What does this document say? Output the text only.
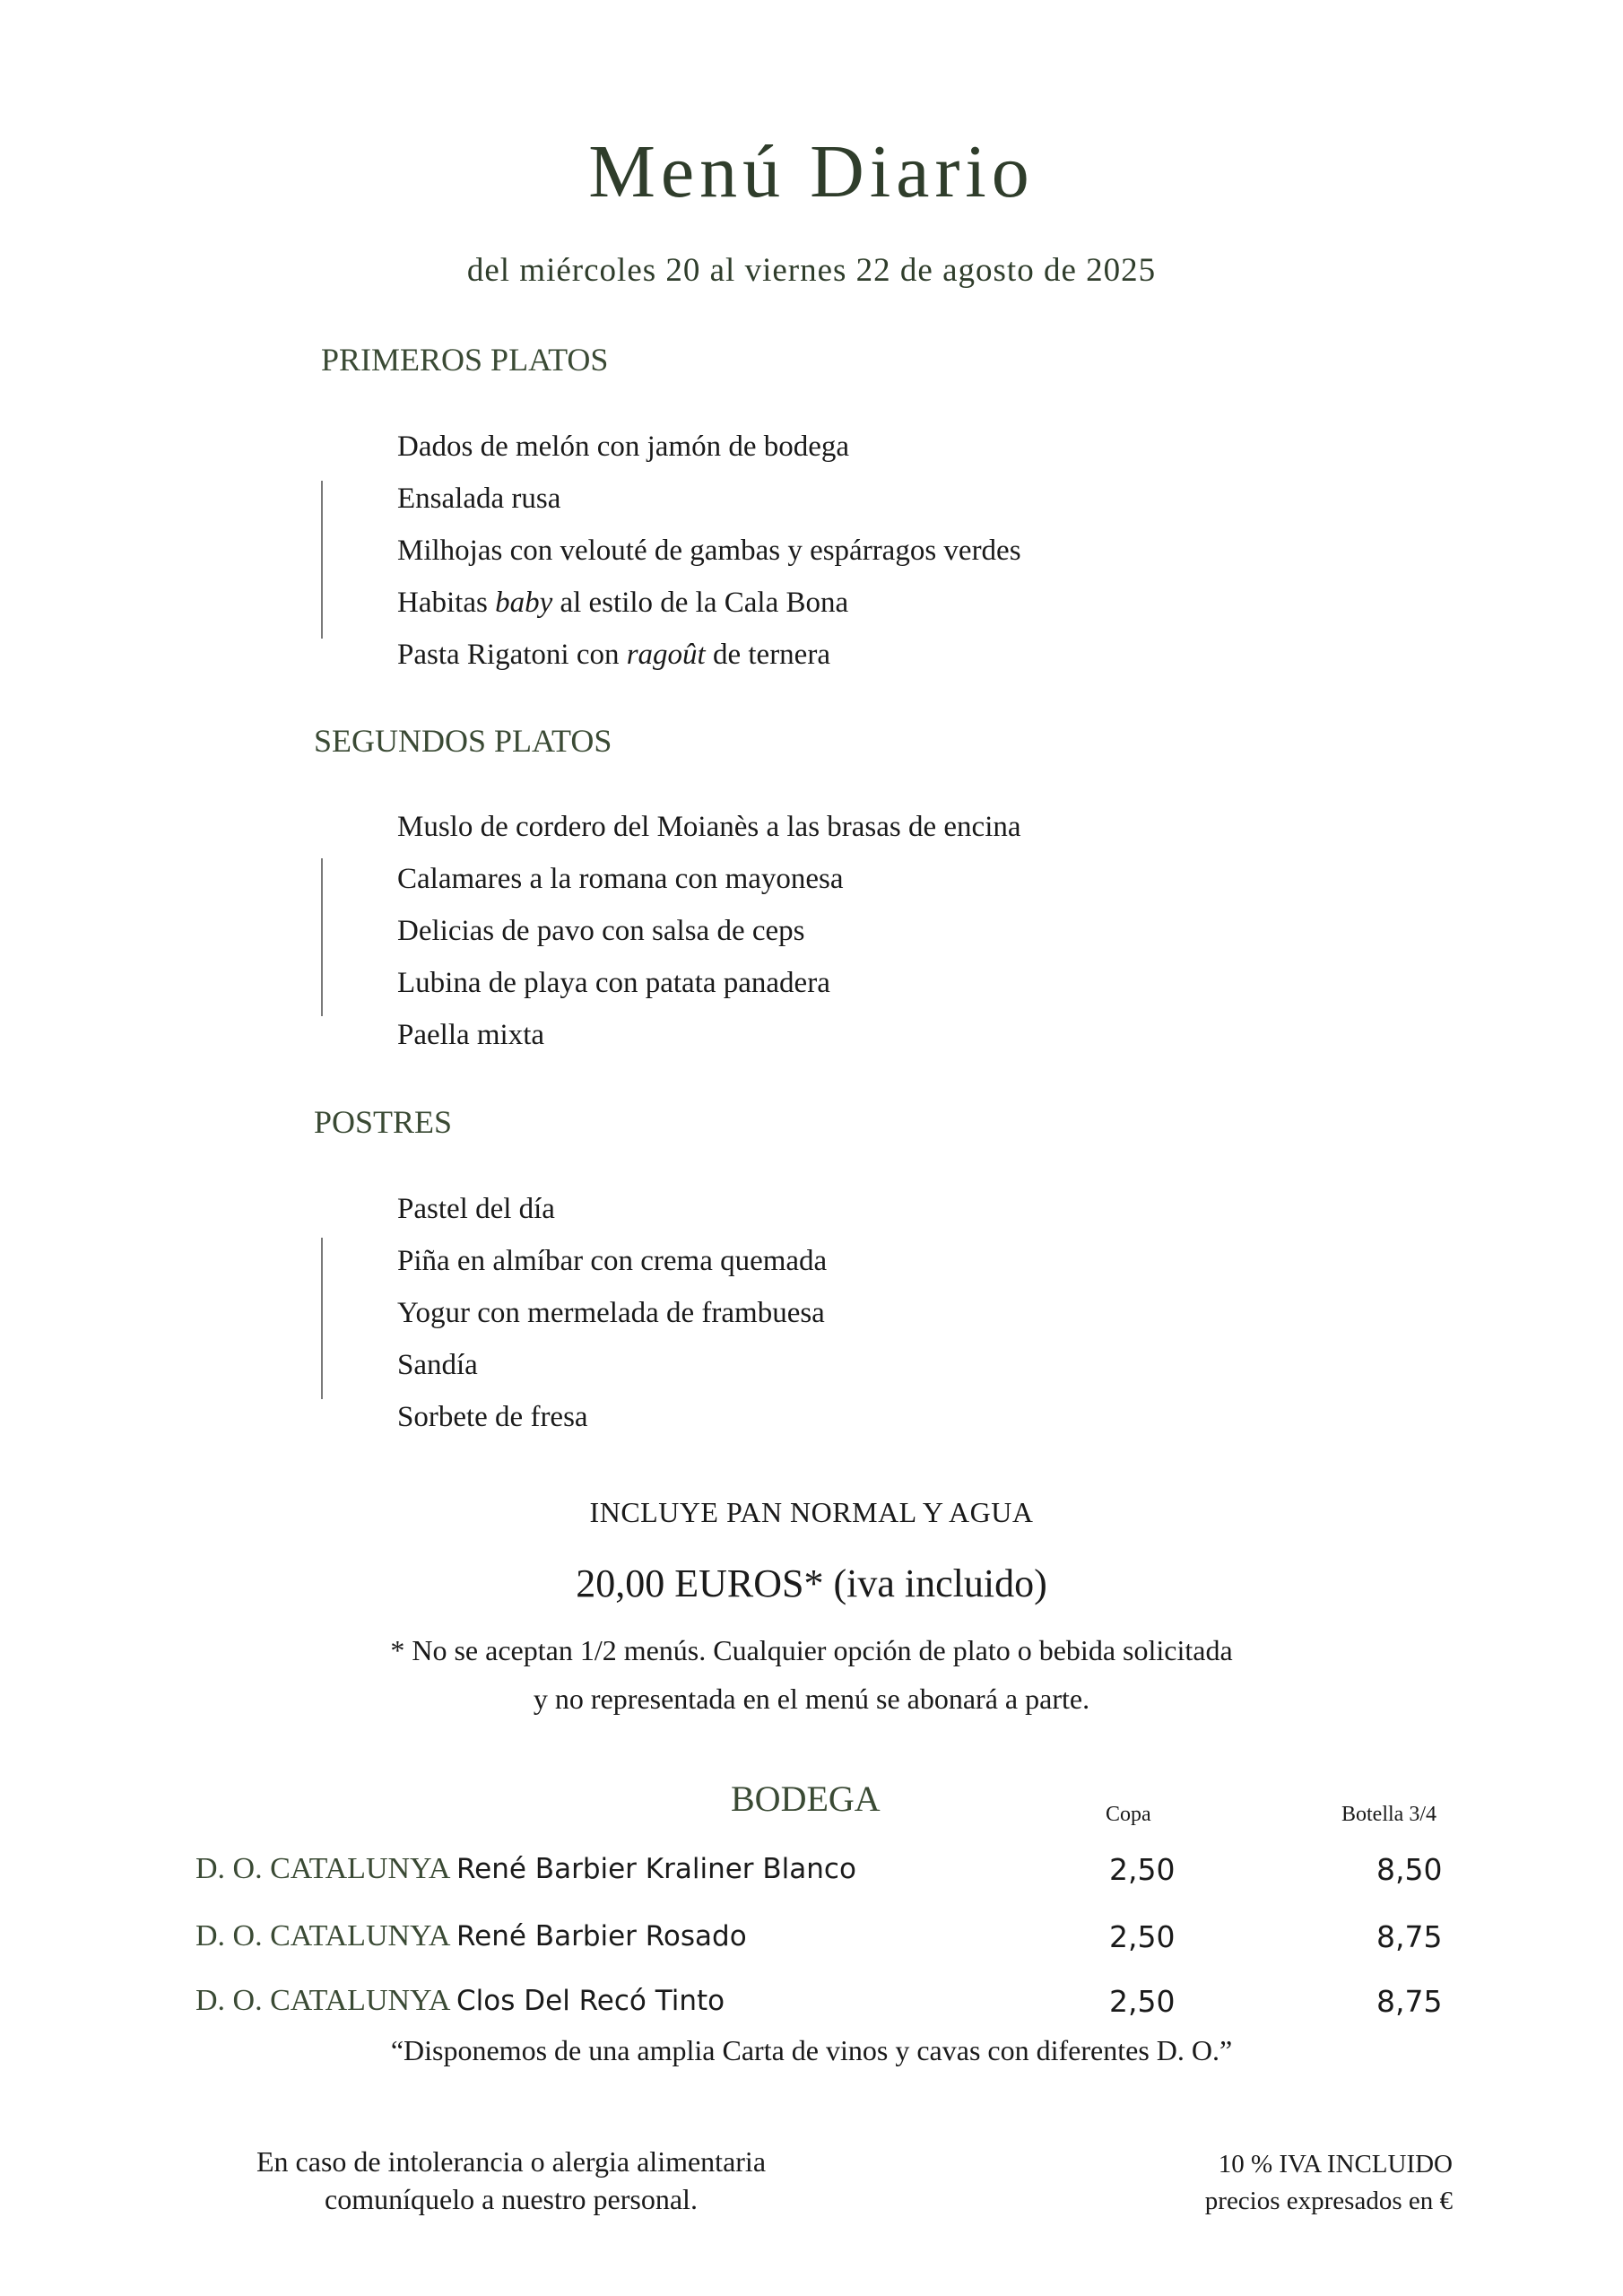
Menú Diario
del miércoles 20 al viernes 22 de agosto de 2025
PRIMEROS PLATOS
Dados de melón con jamón de bodega
Ensalada rusa
Milhojas con velouté de gambas y espárragos verdes
Habitas baby al estilo de la Cala Bona
Pasta Rigatoni con ragoût de ternera
SEGUNDOS PLATOS
Muslo de cordero del Moianès a las brasas de encina
Calamares a la romana con mayonesa
Delicias de pavo con salsa de ceps
Lubina de playa con patata panadera
Paella mixta
POSTRES
Pastel del día
Piña en almíbar con crema quemada
Yogur con mermelada de frambuesa
Sandía
Sorbete de fresa
INCLUYE PAN NORMAL Y AGUA
20,00 EUROS* (iva incluido)
* No se aceptan 1/2 menús. Cualquier opción de plato o bebida solicitada
y no representada en el menú se abonará a parte.
BODEGA	Copa	Botella 3/4
D. O. CATALUNYA René Barbier Kraliner Blanco	2,50	8,50
D. O. CATALUNYA René Barbier Rosado	2,50	8,75
D. O. CATALUNYA Clos Del Recó Tinto	2,50	8,75
“Disponemos de una amplia Carta de vinos y cavas con diferentes D. O.”
En caso de intolerancia o alergia alimentaria
comuníquelo a nuestro personal.
10 % IVA INCLUIDO
precios expresados en €
